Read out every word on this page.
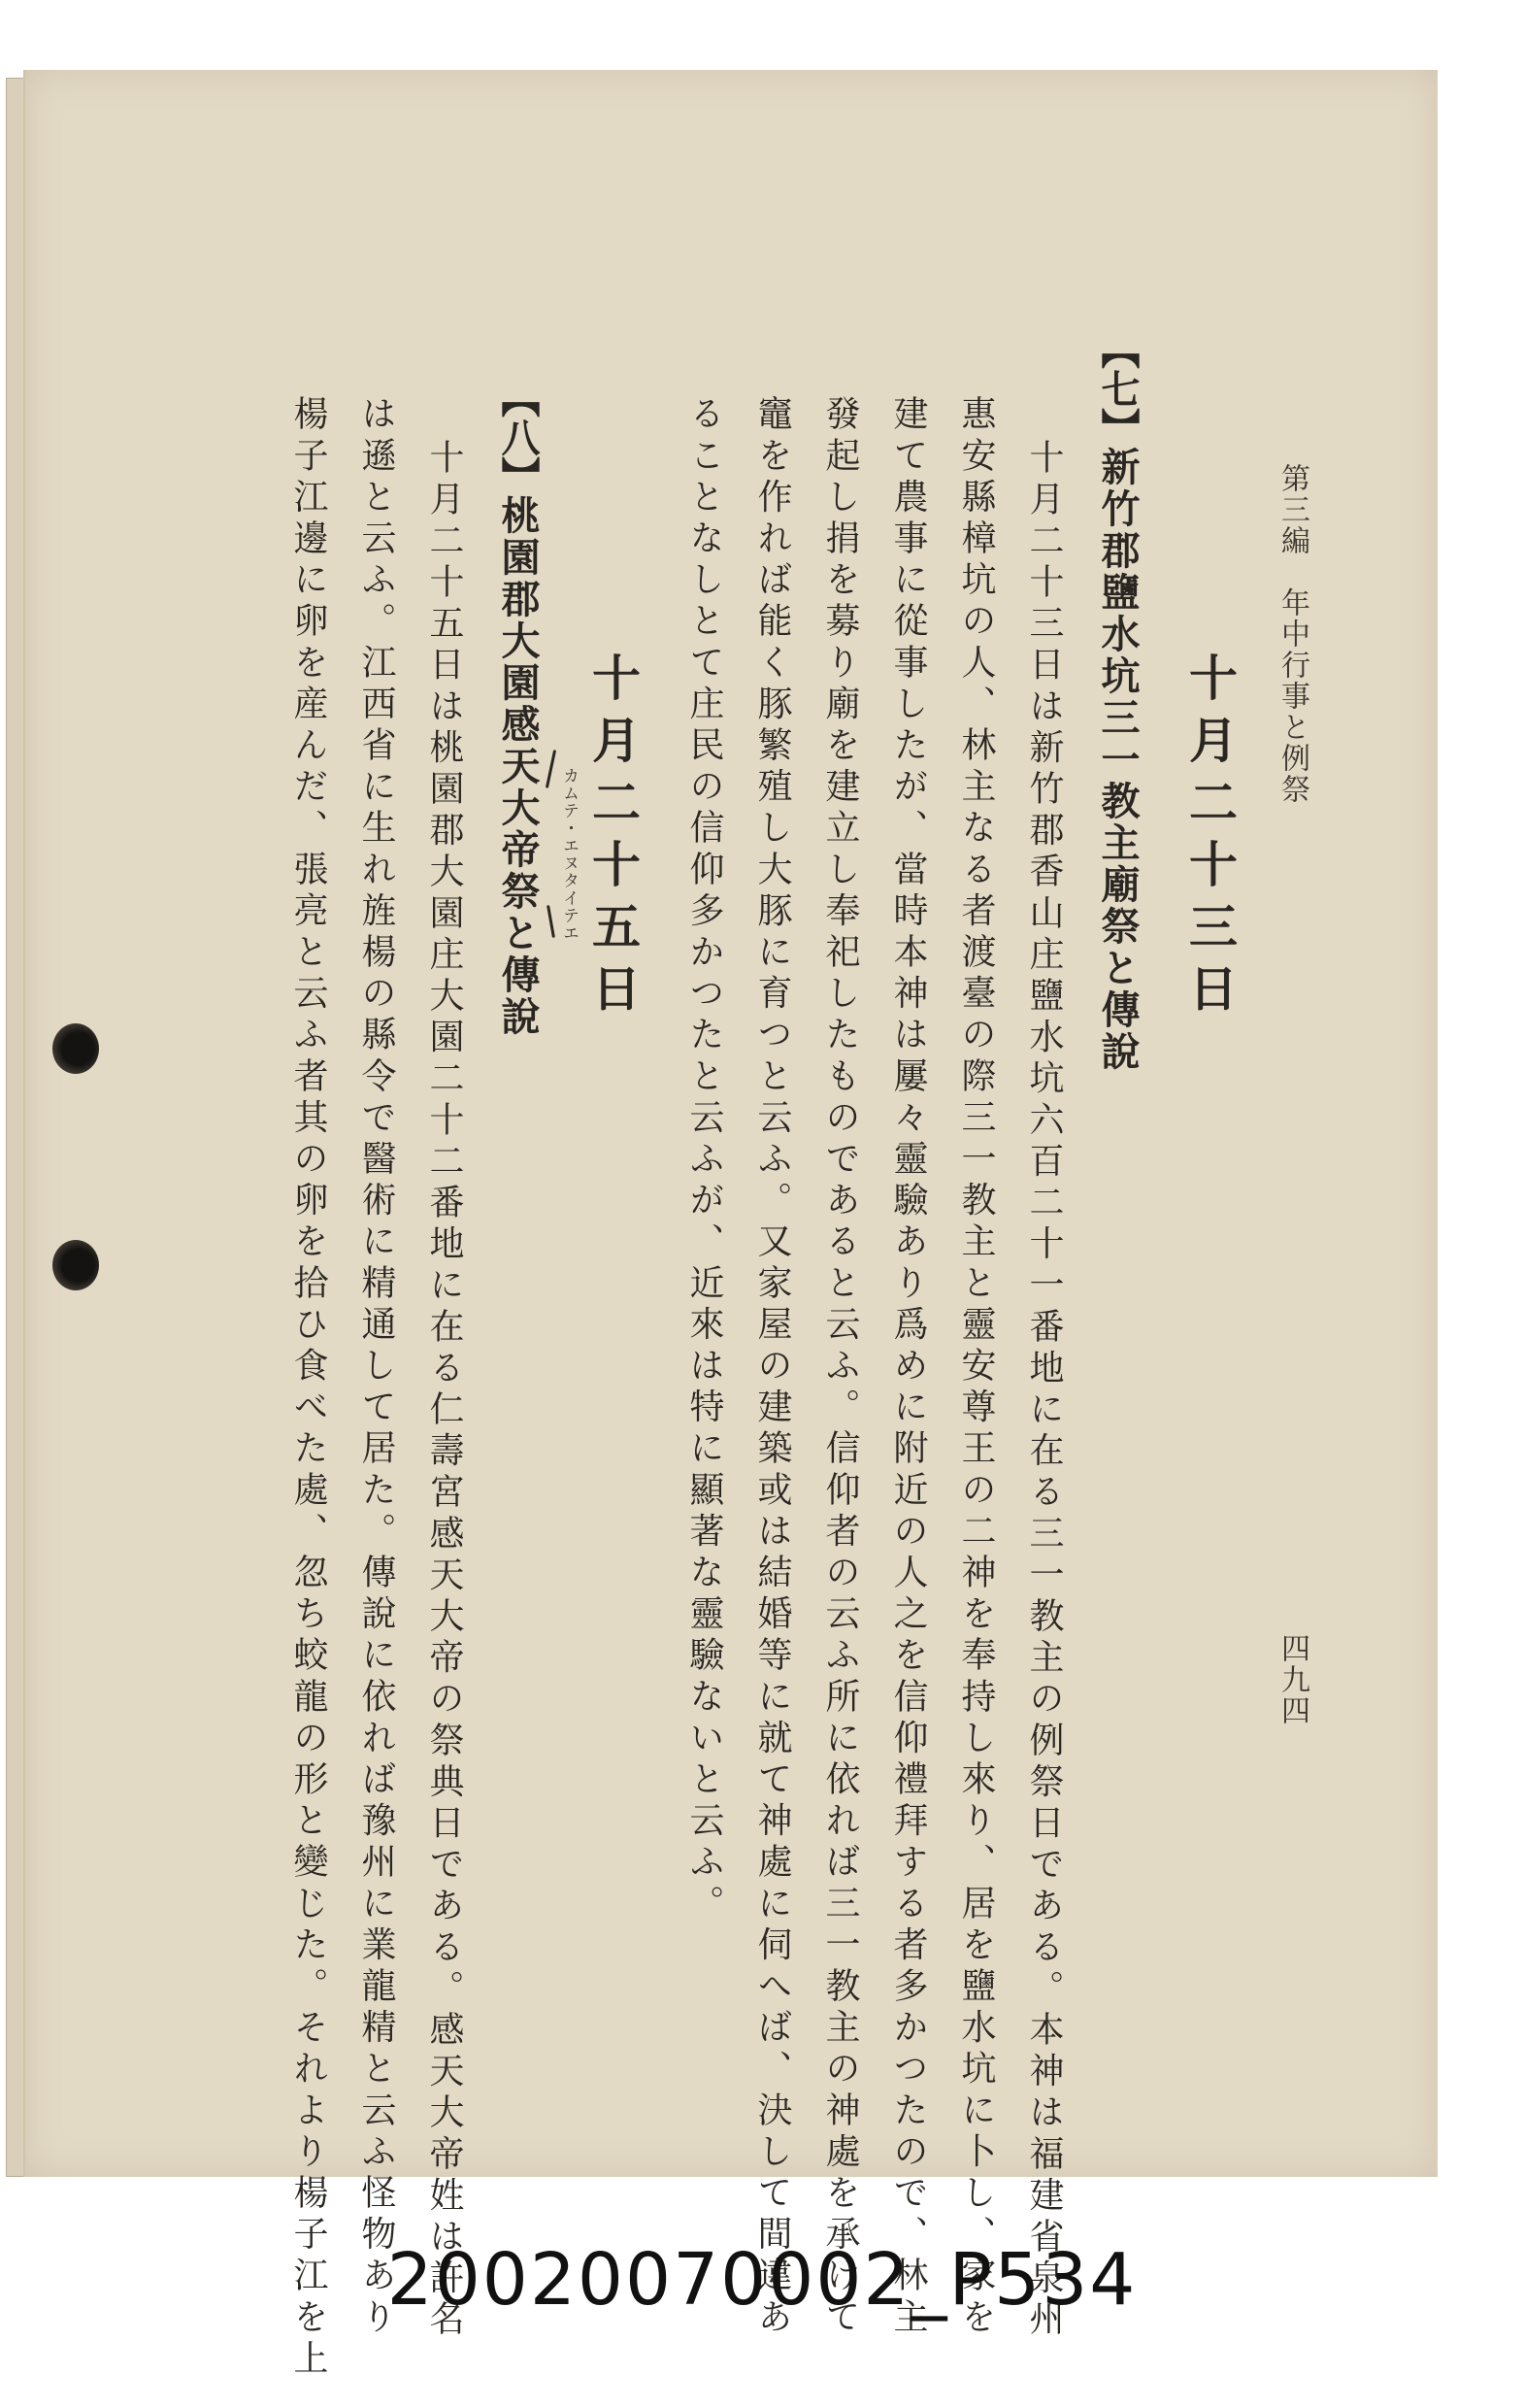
第三編　年中行事と例祭
四九四
十月二十三日
【七】新竹郡鹽水坑三一教主廟祭と傳說
十月二十三日は新竹郡香山庄鹽水坑六百二十一番地に在る三一教主の例祭日である。本神は福建省泉州
惠安縣樟坑の人、林主なる者渡臺の際三一教主と靈安尊王の二神を奉持し來り、居を鹽水坑に卜し、家を
建て農事に從事したが、當時本神は屢々靈驗あり爲めに附近の人之を信仰禮拜する者多かつたので、林主
發起し捐を募り廟を建立し奉祀したものであると云ふ。信仰者の云ふ所に依れば三一教主の神處を承けて
竈を作れば能く豚繁殖し大豚に育つと云ふ。又家屋の建築或は結婚等に就て神處に伺へば、決して間違あ
ることなしとて庄民の信仰多かつたと云ふが、近來は特に顯著な靈驗ないと云ふ。
十月二十五日
【八】桃園郡大園感天大帝祭と傳說 カムテ・エヌタイテエ
十月二十五日は桃園郡大園庄大園二十二番地に在る仁壽宮感天大帝の祭典日である。感天大帝姓は許名
は遜と云ふ。江西省に生れ旌楊の縣令で醫術に精通して居た。傳說に依れば豫州に業龍精と云ふ怪物あり
楊子江邊に卵を産んだ、張亮と云ふ者其の卵を拾ひ食べた處、忽ち蛟龍の形と變じた。それより楊子江を上 20020070002_P534
